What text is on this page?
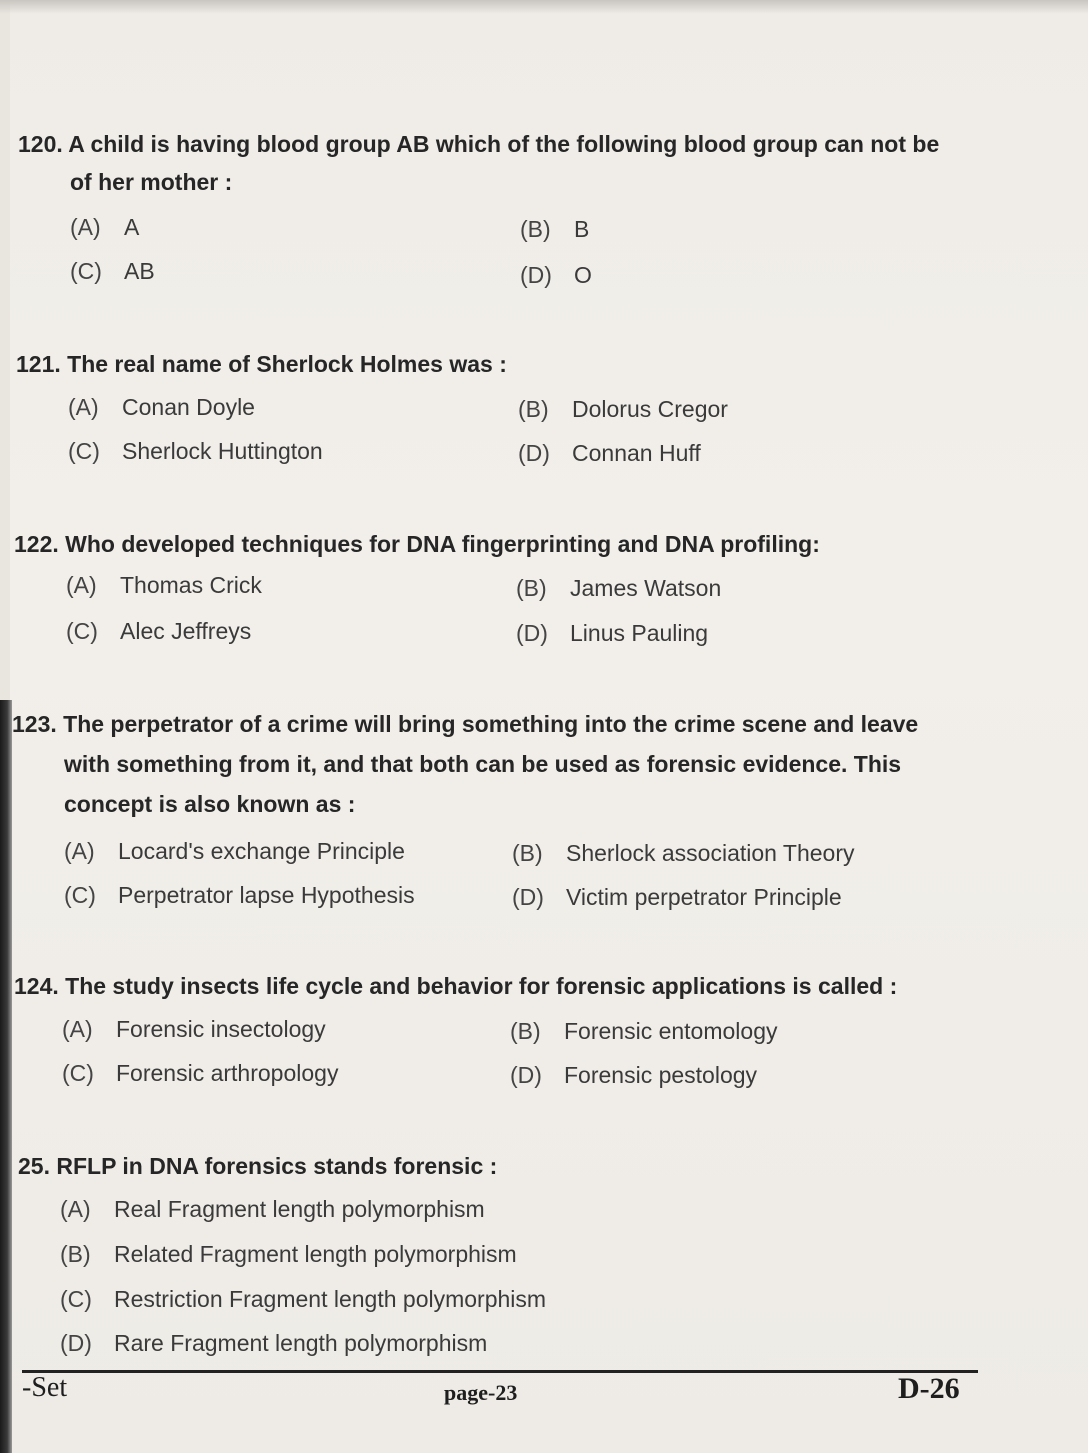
120. A child is having blood group AB which of the following blood group can not be
of her mother :
(A) A	(B) B
(C) AB	(D) O
121. The real name of Sherlock Holmes was :
(A) Conan Doyle	(B) Dolorus Cregor
(C) Sherlock Huttington	(D) Connan Huff
122. Who developed techniques for DNA fingerprinting and DNA profiling:
(A) Thomas Crick	(B) James Watson
(C) Alec Jeffreys	(D) Linus Pauling
123. The perpetrator of a crime will bring something into the crime scene and leave
with something from it, and that both can be used as forensic evidence. This
concept is also known as :
(A) Locard's exchange Principle	(B) Sherlock association Theory
(C) Perpetrator lapse Hypothesis	(D) Victim perpetrator Principle
124. The study insects life cycle and behavior for forensic applications is called :
(A) Forensic insectology	(B) Forensic entomology
(C) Forensic arthropology	(D) Forensic pestology
25. RFLP in DNA forensics stands forensic :
(A) Real Fragment length polymorphism
(B) Related Fragment length polymorphism
(C) Restriction Fragment length polymorphism
(D) Rare Fragment length polymorphism
-Set	page-23	D-26
